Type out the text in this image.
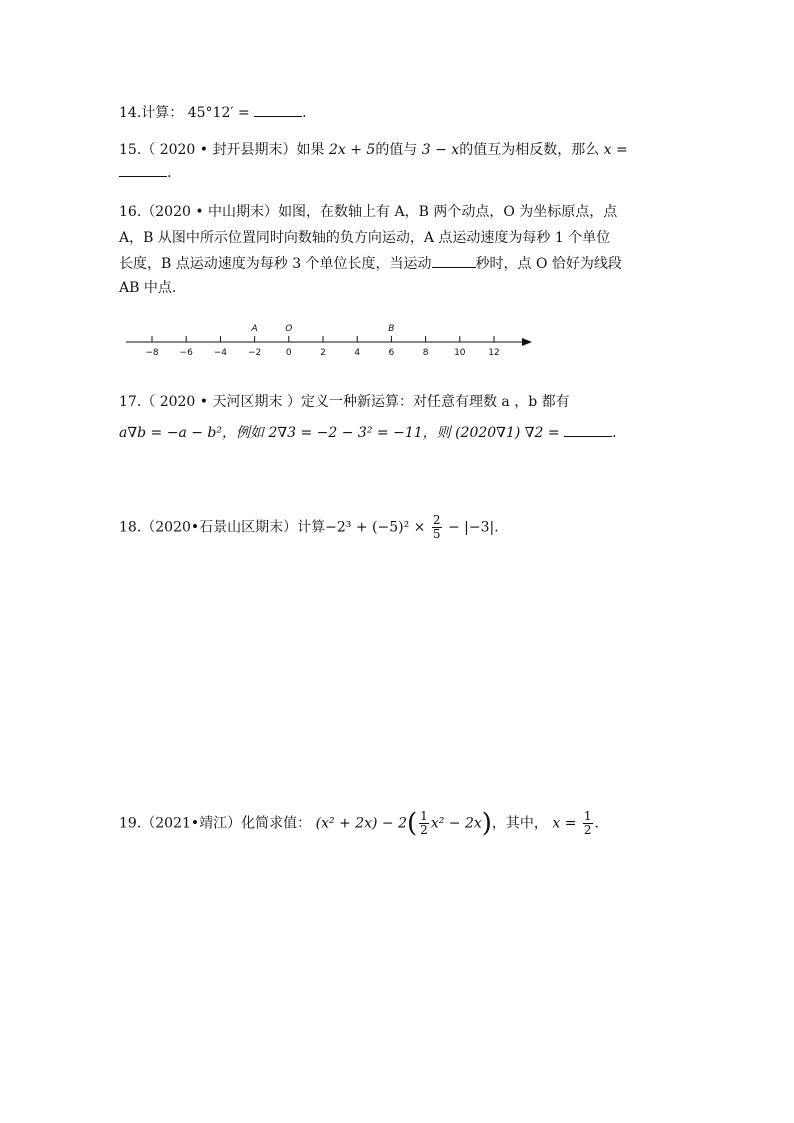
14.计算： 45°12′ =	.
15.（ 2020 • 封开县期末）如果 2x + 5的值与 3 − x的值互为相反数，那么 x =
.
16.（2020 • 中山期末）如图，在数轴上有 A，B 两个动点，O 为坐标原点，点
A，B 从图中所示位置同时向数轴的负方向运动，A 点运动速度为每秒 1 个单位
长度，B 点运动速度为每秒 3 个单位长度，当运动	秒时，点 O 恰好为线段
AB 中点.
−8 −6 −4 −2	0	2	4	6	8	10	12
A	O	B
17.（ 2020 • 天河区期末 ）定义一种新运算：对任意有理数 a ，b 都有
a∇b = −a − b²，例如 2∇3 = −2 − 3² = −11，则 (2020∇1) ∇2 =	.
18.（2020•石景山区期末）计算$-2^3 + (-5)^2 \times \frac{2}{5} - |-3|$.
19.（2021•靖江）化简求值： $(x^2 + 2x) - 2( \frac{1}{2} x^2 - 2x)$，其中， $x = \frac{1}{2}$ .
